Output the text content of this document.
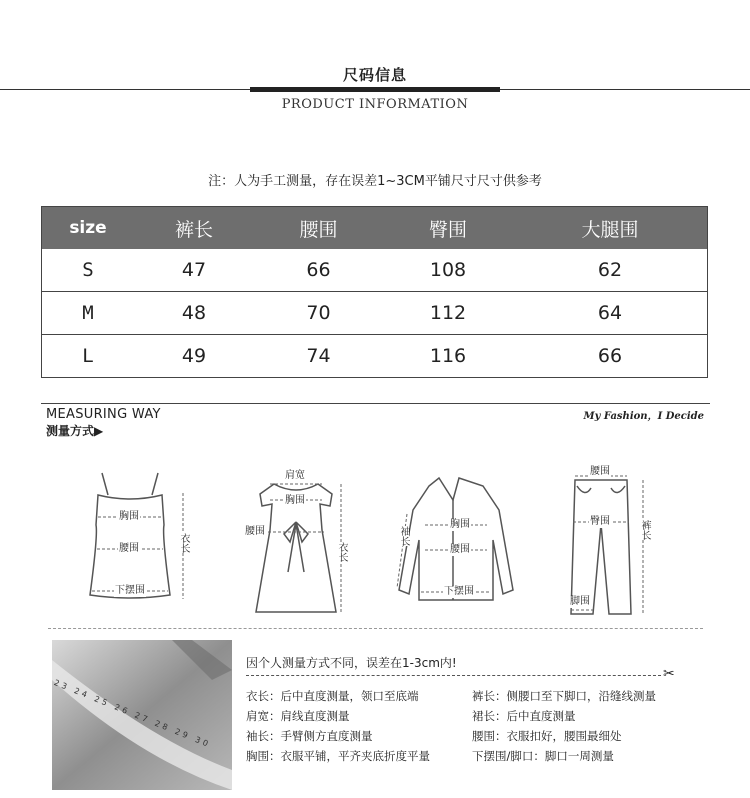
尺码信息
PRODUCT INFORMATION
注：人为手工测量，存在误差1~3CM平铺尺寸尺寸供参考
size	裤长	腰围	臀围	大腿围
S	47	66	108	62
M	48	70	112	64
L	49	74	116	66
MEASURING WAY
测量方式▶
My Fashion，I Decide
胸围
腰围
下摆围
衣长
肩宽
胸围
腰围
衣长
胸围
腰围
下摆围
袖长
腰围
臀围
脚围
裤长
23 24 25 26 27 28 29 30
因个人测量方式不同，误差在1-3cm内!
✂
衣长：后中直度测量，领口至底端
肩宽：肩线直度测量
袖长：手臂侧方直度测量
胸围：衣服平铺，平齐夹底折度平量
裤长：侧腰口至下脚口，沿缝线测量
裙长：后中直度测量
腰围：衣服扣好，腰围最细处
下摆围/脚口：脚口一周测量
